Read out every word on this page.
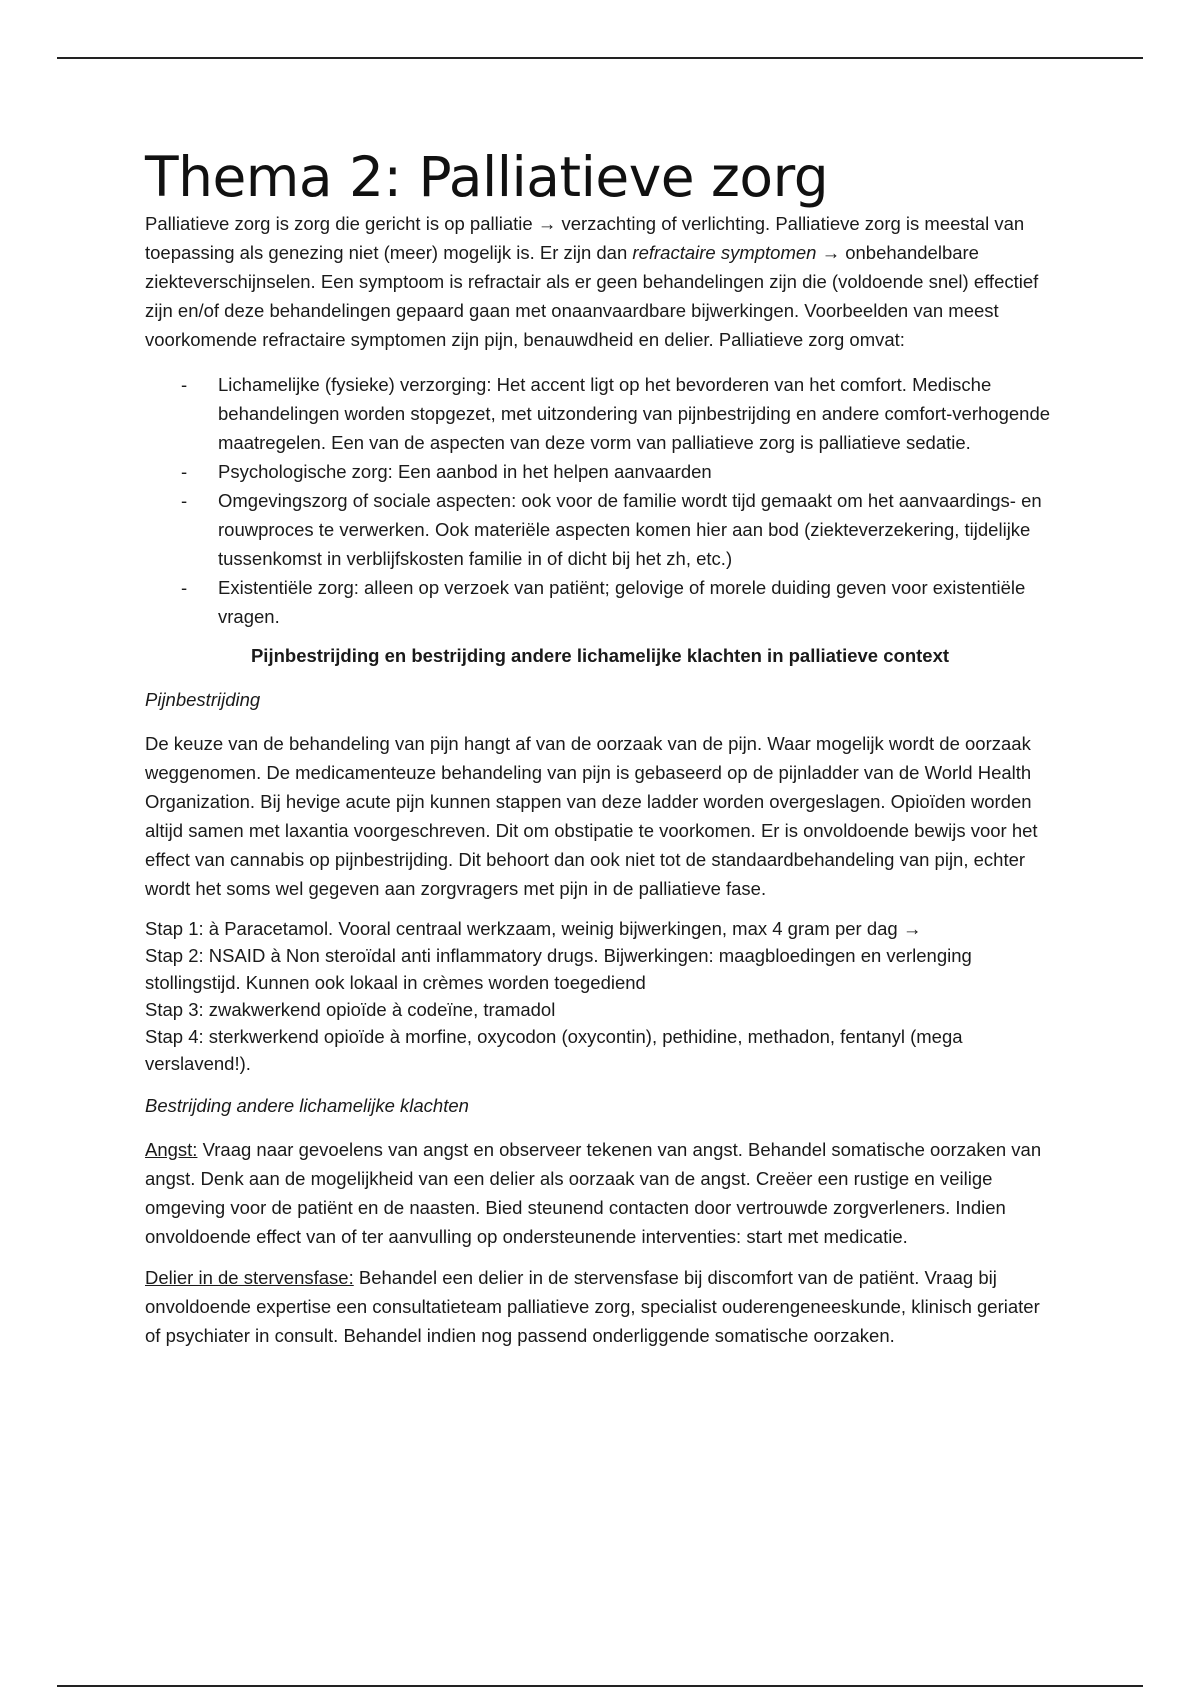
Thema 2: Palliatieve zorg

Palliatieve zorg is zorg die gericht is op palliatie → verzachting of verlichting. Palliatieve zorg is meestal van toepassing als genezing niet (meer) mogelijk is. Er zijn dan refractaire symptomen → onbehandelbare ziekteverschijnselen. Een symptoom is refractair als er geen behandelingen zijn die (voldoende snel) effectief zijn en/of deze behandelingen gepaard gaan met onaanvaardbare bijwerkingen. Voorbeelden van meest voorkomende refractaire symptomen zijn pijn, benauwdheid en delier. Palliatieve zorg omvat:

- Lichamelijke (fysieke) verzorging: Het accent ligt op het bevorderen van het comfort. Medische behandelingen worden stopgezet, met uitzondering van pijnbestrijding en andere comfort-verhogende maatregelen. Een van de aspecten van deze vorm van palliatieve zorg is palliatieve sedatie.
- Psychologische zorg: Een aanbod in het helpen aanvaarden
- Omgevingszorg of sociale aspecten: ook voor de familie wordt tijd gemaakt om het aanvaardings- en rouwproces te verwerken. Ook materiële aspecten komen hier aan bod (ziekteverzekering, tijdelijke tussenkomst in verblijfskosten familie in of dicht bij het zh, etc.)
- Existentiële zorg: alleen op verzoek van patiënt; gelovige of morele duiding geven voor existentiële vragen.

Pijnbestrijding en bestrijding andere lichamelijke klachten in palliatieve context

Pijnbestrijding

De keuze van de behandeling van pijn hangt af van de oorzaak van de pijn. Waar mogelijk wordt de oorzaak weggenomen. De medicamenteuze behandeling van pijn is gebaseerd op de pijnladder van de World Health Organization. Bij hevige acute pijn kunnen stappen van deze ladder worden overgeslagen. Opioïden worden altijd samen met laxantia voorgeschreven. Dit om obstipatie te voorkomen. Er is onvoldoende bewijs voor het effect van cannabis op pijnbestrijding. Dit behoort dan ook niet tot de standaardbehandeling van pijn, echter wordt het soms wel gegeven aan zorgvragers met pijn in de palliatieve fase.

Stap 1: à Paracetamol. Vooral centraal werkzaam, weinig bijwerkingen, max 4 gram per dag →
Stap 2: NSAID à Non steroïdal anti inflammatory drugs. Bijwerkingen: maagbloedingen en verlenging stollingstijd. Kunnen ook lokaal in crèmes worden toegediend
Stap 3: zwakwerkend opioïde à codeïne, tramadol
Stap 4: sterkwerkend opioïde à morfine, oxycodon (oxycontin), pethidine, methadon, fentanyl (mega verslavend!).

Bestrijding andere lichamelijke klachten

Angst: Vraag naar gevoelens van angst en observeer tekenen van angst. Behandel somatische oorzaken van angst. Denk aan de mogelijkheid van een delier als oorzaak van de angst. Creëer een rustige en veilige omgeving voor de patiënt en de naasten. Bied steunend contacten door vertrouwde zorgverleners. Indien onvoldoende effect van of ter aanvulling op ondersteunende interventies: start met medicatie.

Delier in de stervensfase: Behandel een delier in de stervensfase bij discomfort van de patiënt. Vraag bij onvoldoende expertise een consultatieteam palliatieve zorg, specialist ouderengeneeskunde, klinisch geriater of psychiater in consult. Behandel indien nog passend onderliggende somatische oorzaken.
